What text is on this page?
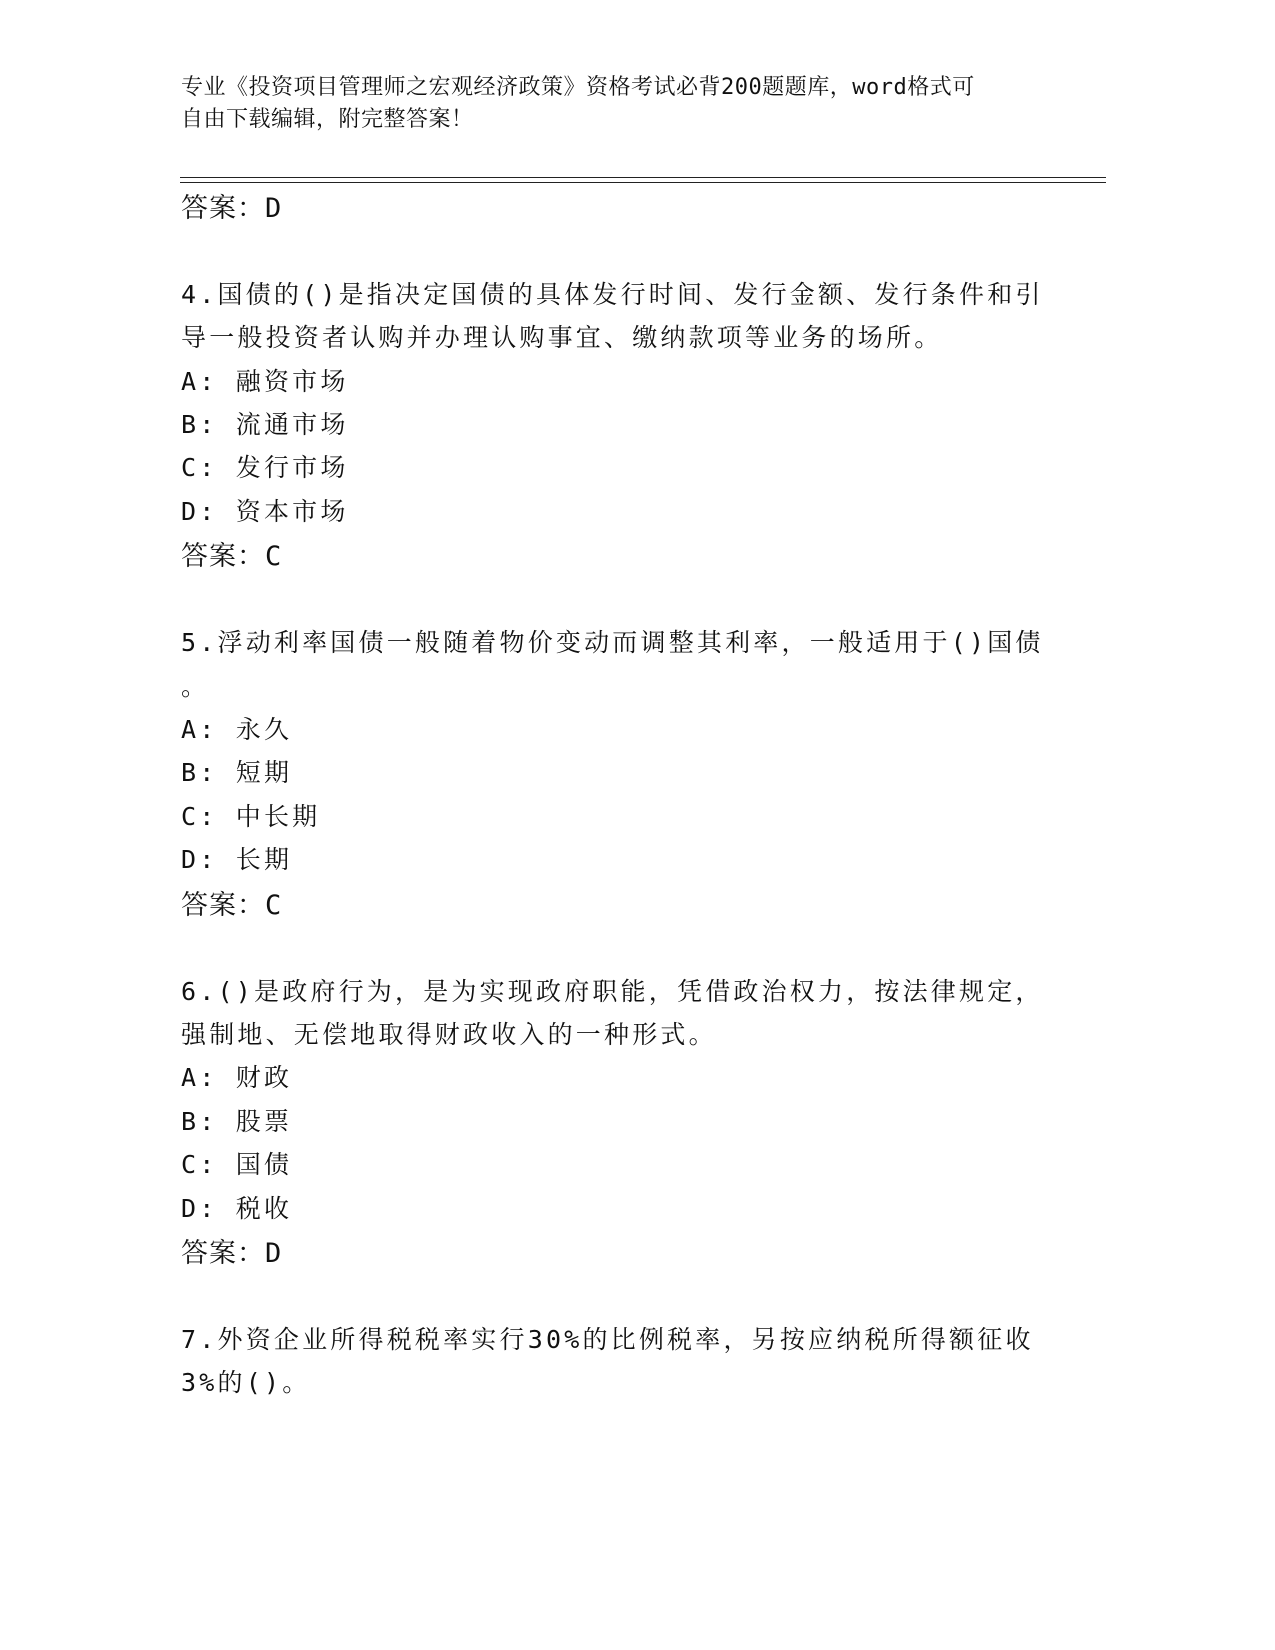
专业《投资项目管理师之宏观经济政策》资格考试必背200题题库，word格式可
自由下载编辑，附完整答案！
答案：D
4.国债的()是指决定国债的具体发行时间、发行金额、发行条件和引
导一般投资者认购并办理认购事宜、缴纳款项等业务的场所。
A: 融资市场
B: 流通市场
C: 发行市场
D: 资本市场
答案：C
5.浮动利率国债一般随着物价变动而调整其利率，一般适用于()国债
。
A: 永久
B: 短期
C: 中长期
D: 长期
答案：C
6.()是政府行为，是为实现政府职能，凭借政治权力，按法律规定，
强制地、无偿地取得财政收入的一种形式。
A: 财政
B: 股票
C: 国债
D: 税收
答案：D
7.外资企业所得税税率实行30%的比例税率，另按应纳税所得额征收
3%的()。
